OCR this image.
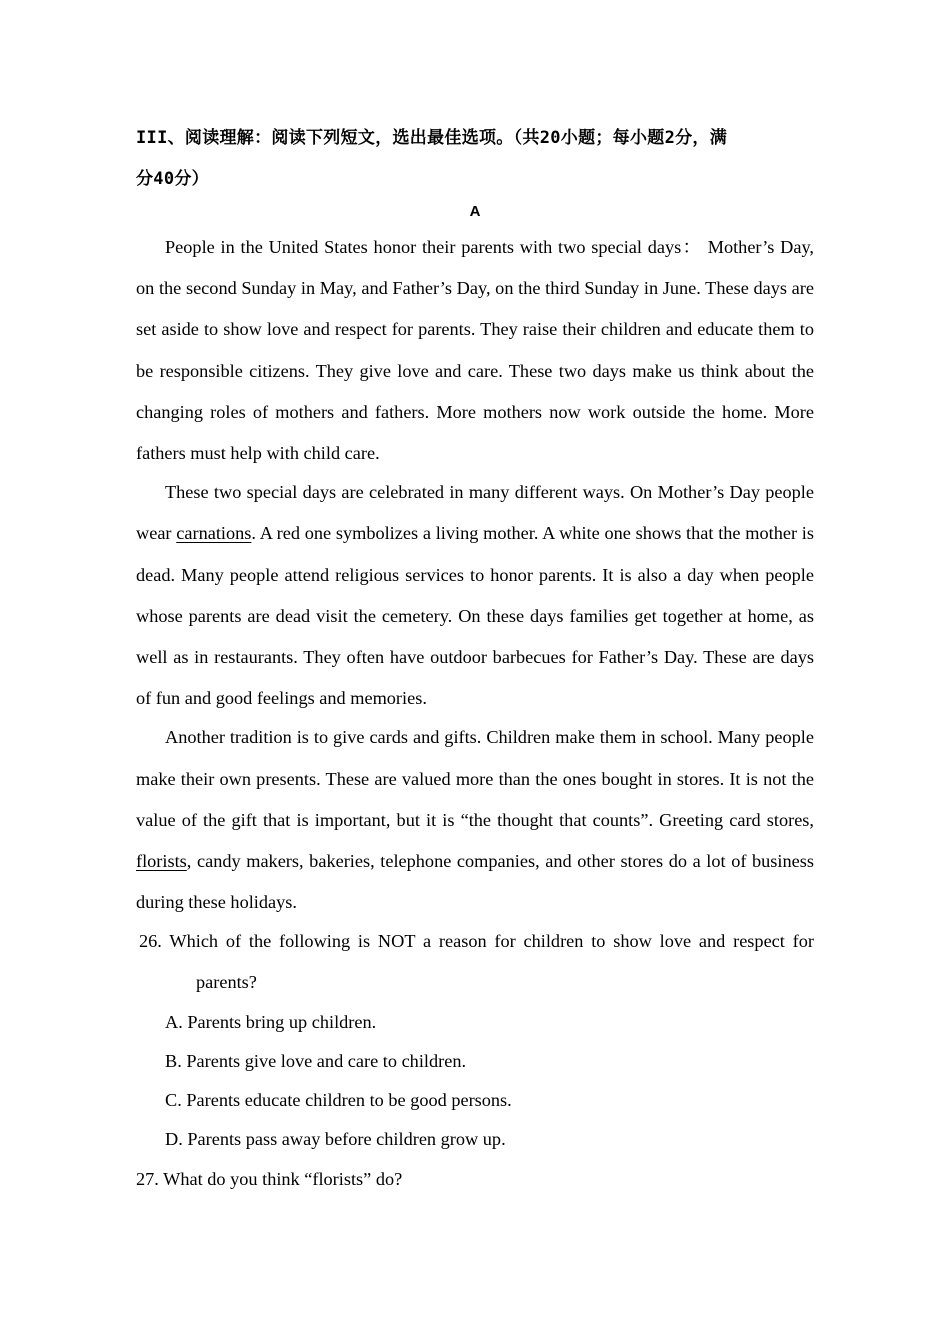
III、阅读理解：阅读下列短文，选出最佳选项。（共20小题；每小题2分，满
分40分）

A

People in the United States honor their parents with two special days： Mother’s Day, on the second Sunday in May, and Father’s Day, on the third Sunday in June. These days are set aside to show love and respect for parents. They raise their children and educate them to be responsible citizens. They give love and care. These two days make us think about the changing roles of mothers and fathers. More mothers now work outside the home. More fathers must help with child care.

These two special days are celebrated in many different ways. On Mother’s Day people wear carnations. A red one symbolizes a living mother. A white one shows that the mother is dead. Many people attend religious services to honor parents. It is also a day when people whose parents are dead visit the cemetery. On these days families get together at home, as well as in restaurants. They often have outdoor barbecues for Father’s Day. These are days of fun and good feelings and memories.

Another tradition is to give cards and gifts. Children make them in school. Many people make their own presents. These are valued more than the ones bought in stores. It is not the value of the gift that is important, but it is “the thought that counts”. Greeting card stores, florists, candy makers, bakeries, telephone companies, and other stores do a lot of business during these holidays.

26. Which of the following is NOT a reason for children to show love and respect for parents?

A. Parents bring up children.

B. Parents give love and care to children.

C. Parents educate children to be good persons.

D. Parents pass away before children grow up.

27. What do you think “florists” do?
